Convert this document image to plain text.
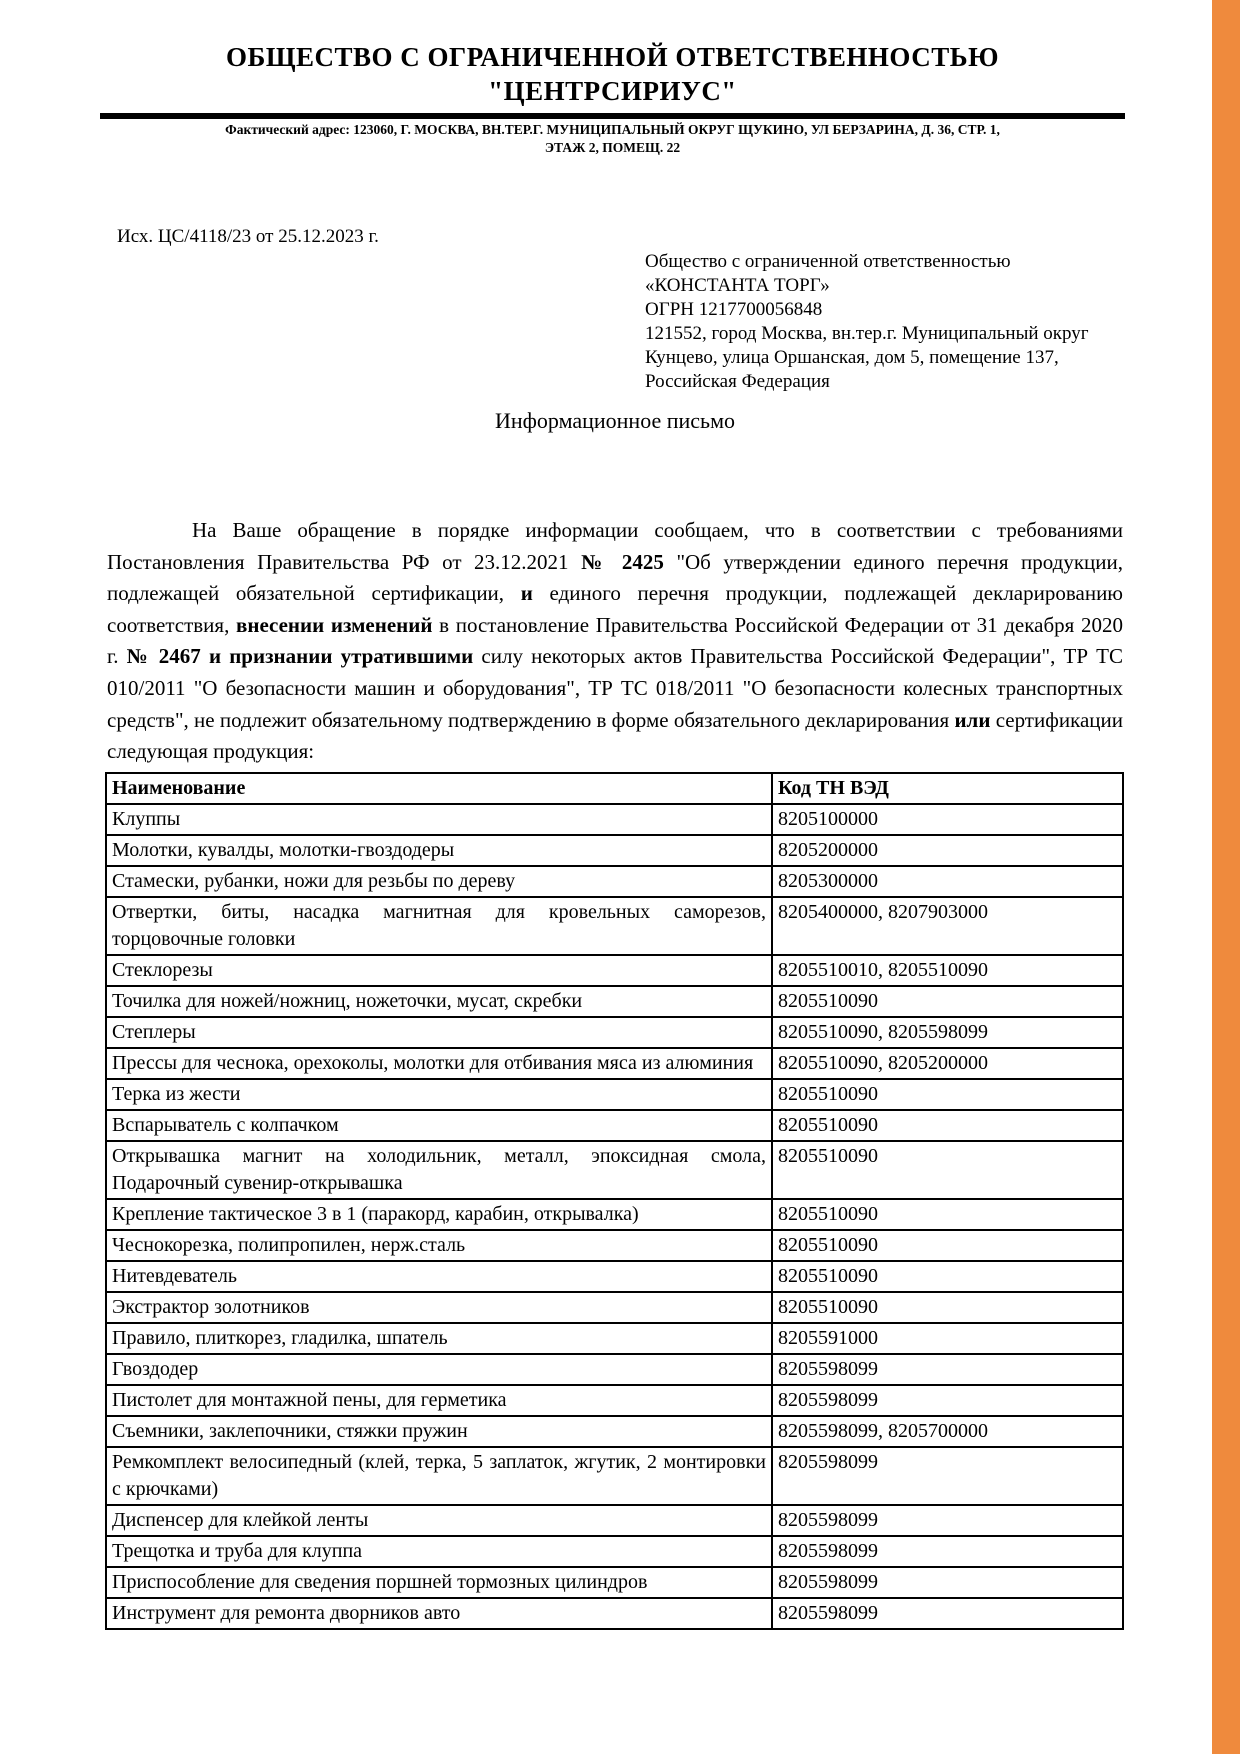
ОБЩЕСТВО С ОГРАНИЧЕННОЙ ОТВЕТСТВЕННОСТЬЮ
"ЦЕНТРСИРИУС"
Фактический адрес: 123060, Г. МОСКВА, ВН.ТЕР.Г. МУНИЦИПАЛЬНЫЙ ОКРУГ ЩУКИНО, УЛ БЕРЗАРИНА, Д. 36, СТР. 1,
ЭТАЖ 2, ПОМЕЩ. 22
Исх. ЦС/4118/23 от 25.12.2023 г.
Общество с ограниченной ответственностью
«КОНСТАНТА ТОРГ»
ОГРН 1217700056848
121552, город Москва, вн.тер.г. Муниципальный округ
Кунцево, улица Оршанская, дом 5, помещение 137,
Российская Федерация
Информационное письмо

На Ваше обращение в порядке информации сообщаем, что в соответствии с требованиями Постановления Правительства РФ от 23.12.2021 № 2425 "Об утверждении единого перечня продукции, подлежащей обязательной сертификации, и единого перечня продукции, подлежащей декларированию соответствия, внесении изменений в постановление Правительства Российской Федерации от 31 декабря 2020 г. № 2467 и признании утратившими силу некоторых актов Правительства Российской Федерации", ТР ТС 010/2011 "О безопасности машин и оборудования", ТР ТС 018/2011 "О безопасности колесных транспортных средств", не подлежит обязательному подтверждению в форме обязательного декларирования или сертификации следующая продукция:

Наименование	Код ТН ВЭД
Клуппы	8205100000
Молотки, кувалды, молотки-гвоздодеры	8205200000
Стамески, рубанки, ножи для резьбы по дереву	8205300000
Отвертки, биты, насадка магнитная для кровельных саморезов, торцовочные головки	8205400000, 8207903000
Стеклорезы	8205510010, 8205510090
Точилка для ножей/ножниц, ножеточки, мусат, скребки	8205510090
Степлеры	8205510090, 8205598099
Прессы для чеснока, орехоколы, молотки для отбивания мяса из алюминия	8205510090, 8205200000
Терка из жести	8205510090
Вспарыватель с колпачком	8205510090
Открывашка магнит на холодильник, металл, эпоксидная смола, Подарочный сувенир-открывашка	8205510090
Крепление тактическое 3 в 1 (паракорд, карабин, открывалка)	8205510090
Чеснокорезка, полипропилен, нерж.сталь	8205510090
Нитевдеватель	8205510090
Экстрактор золотников	8205510090
Правило, плиткорез, гладилка, шпатель	8205591000
Гвоздодер	8205598099
Пистолет для монтажной пены, для герметика	8205598099
Съемники, заклепочники, стяжки пружин	8205598099, 8205700000
Ремкомплект велосипедный (клей, терка, 5 заплаток, жгутик, 2 монтировки с крючками)	8205598099
Диспенсер для клейкой ленты	8205598099
Трещотка и труба для клуппа	8205598099
Приспособление для сведения поршней тормозных цилиндров	8205598099
Инструмент для ремонта дворников авто	8205598099
